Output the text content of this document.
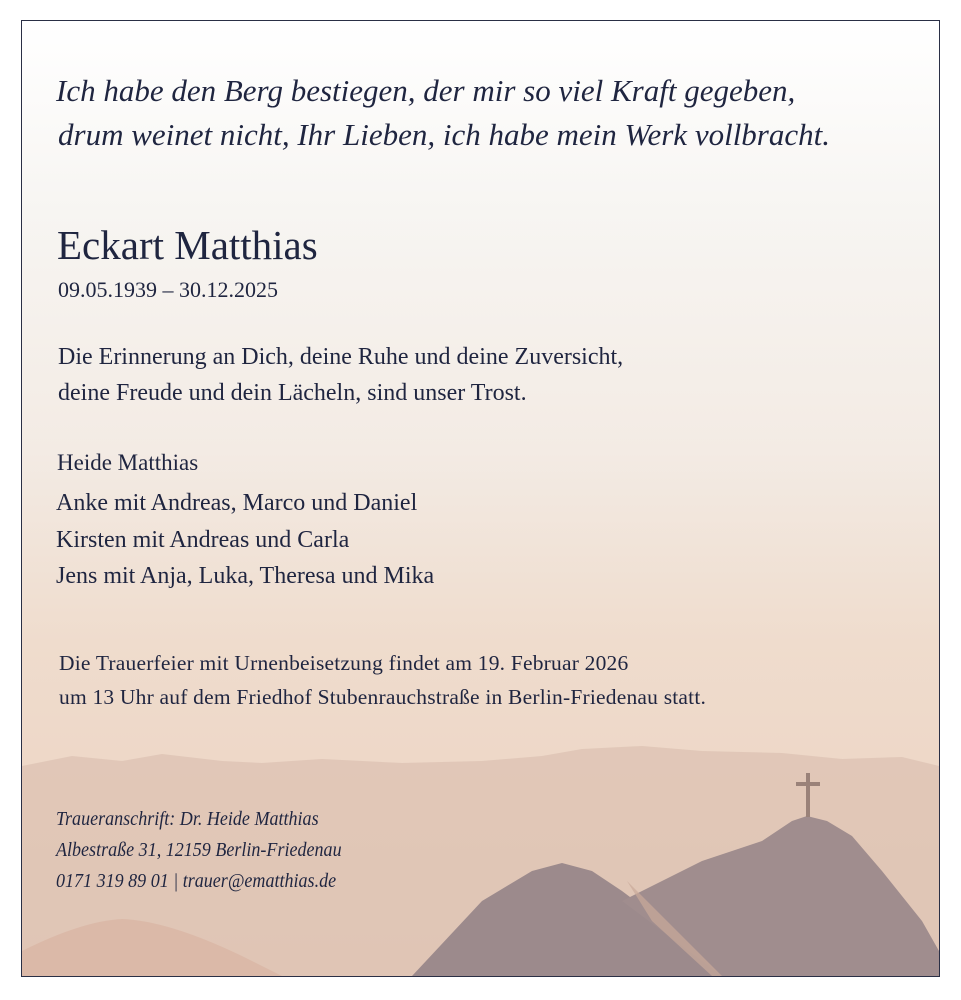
Ich habe den Berg bestiegen, der mir so viel Kraft gegeben,
drum weinet nicht, Ihr Lieben, ich habe mein Werk vollbracht.
Eckart Matthias
09.05.1939 – 30.12.2025
Die Erinnerung an Dich, deine Ruhe und deine Zuversicht,
deine Freude und dein Lächeln, sind unser Trost.
Heide Matthias
Anke mit Andreas, Marco und Daniel
Kirsten mit Andreas und Carla
Jens mit Anja, Luka, Theresa und Mika
Die Trauerfeier mit Urnenbeisetzung findet am 19. Februar 2026
um 13 Uhr auf dem Friedhof Stubenrauchstraße in Berlin-Friedenau statt.
Traueranschrift: Dr. Heide Matthias
Albestraße 31, 12159 Berlin-Friedenau
0171 319 89 01 | trauer@ematthias.de
